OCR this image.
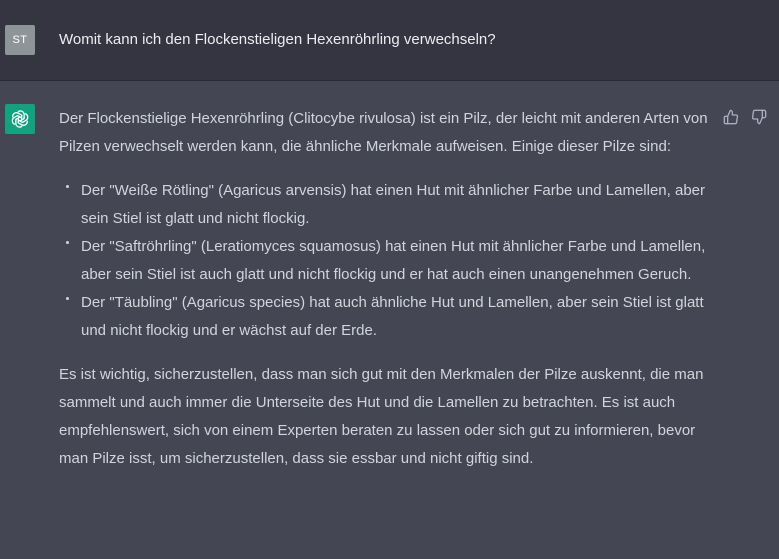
ST	Womit kann ich den Flockenstieligen Hexenröhrling verwechseln?

Der Flockenstielige Hexenröhrling (Clitocybe rivulosa) ist ein Pilz, der leicht mit anderen Arten von Pilzen verwechselt werden kann, die ähnliche Merkmale aufweisen. Einige dieser Pilze sind:

Der "Weiße Rötling" (Agaricus arvensis) hat einen Hut mit ähnlicher Farbe und Lamellen, aber sein Stiel ist glatt und nicht flockig.
Der "Saftröhrling" (Leratiomyces squamosus) hat einen Hut mit ähnlicher Farbe und Lamellen, aber sein Stiel ist auch glatt und nicht flockig und er hat auch einen unangenehmen Geruch.
Der "Täubling" (Agaricus species) hat auch ähnliche Hut und Lamellen, aber sein Stiel ist glatt und nicht flockig und er wächst auf der Erde.

Es ist wichtig, sicherzustellen, dass man sich gut mit den Merkmalen der Pilze auskennt, die man sammelt und auch immer die Unterseite des Hut und die Lamellen zu betrachten. Es ist auch empfehlenswert, sich von einem Experten beraten zu lassen oder sich gut zu informieren, bevor man Pilze isst, um sicherzustellen, dass sie essbar und nicht giftig sind.
